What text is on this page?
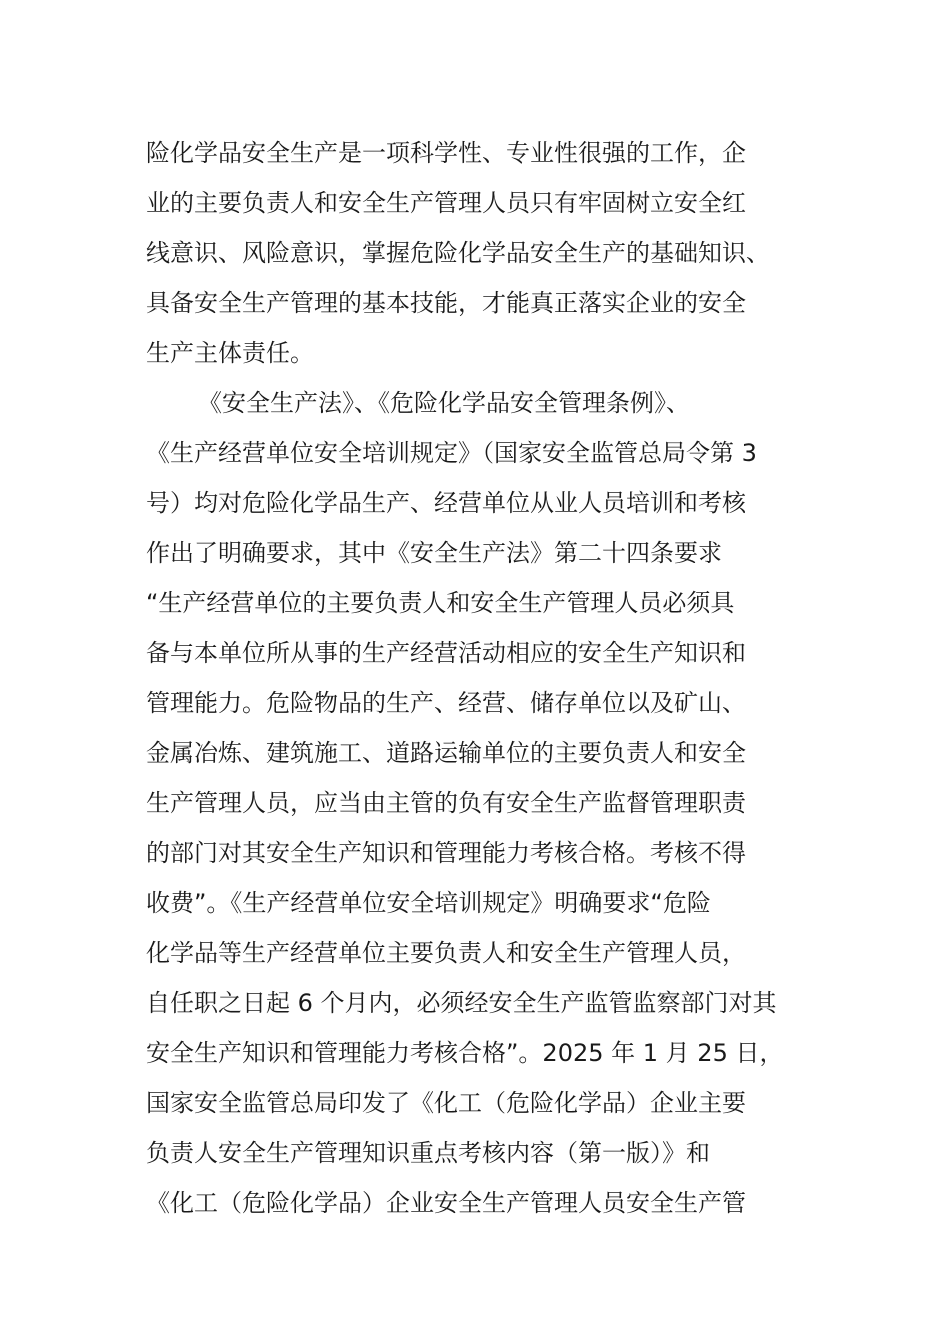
险化学品安全生产是一项科学性、专业性很强的工作，企
业的主要负责人和安全生产管理人员只有牢固树立安全红
线意识、风险意识，掌握危险化学品安全生产的基础知识、
具备安全生产管理的基本技能，才能真正落实企业的安全
生产主体责任。
《安全生产法》、《危险化学品安全管理条例》、
《生产经营单位安全培训规定》（国家安全监管总局令第 3
号）均对危险化学品生产、经营单位从业人员培训和考核
作出了明确要求，其中《安全生产法》第二十四条要求
“生产经营单位的主要负责人和安全生产管理人员必须具
备与本单位所从事的生产经营活动相应的安全生产知识和
管理能力。危险物品的生产、经营、储存单位以及矿山、
金属冶炼、建筑施工、道路运输单位的主要负责人和安全
生产管理人员，应当由主管的负有安全生产监督管理职责
的部门对其安全生产知识和管理能力考核合格。考核不得
收费”。《生产经营单位安全培训规定》明确要求“危险
化学品等生产经营单位主要负责人和安全生产管理人员，
自任职之日起 6 个月内，必须经安全生产监管监察部门对其
安全生产知识和管理能力考核合格”。2025 年 1 月 25 日，
国家安全监管总局印发了《化工（危险化学品）企业主要
负责人安全生产管理知识重点考核内容（第一版）》和
《化工（危险化学品）企业安全生产管理人员安全生产管
